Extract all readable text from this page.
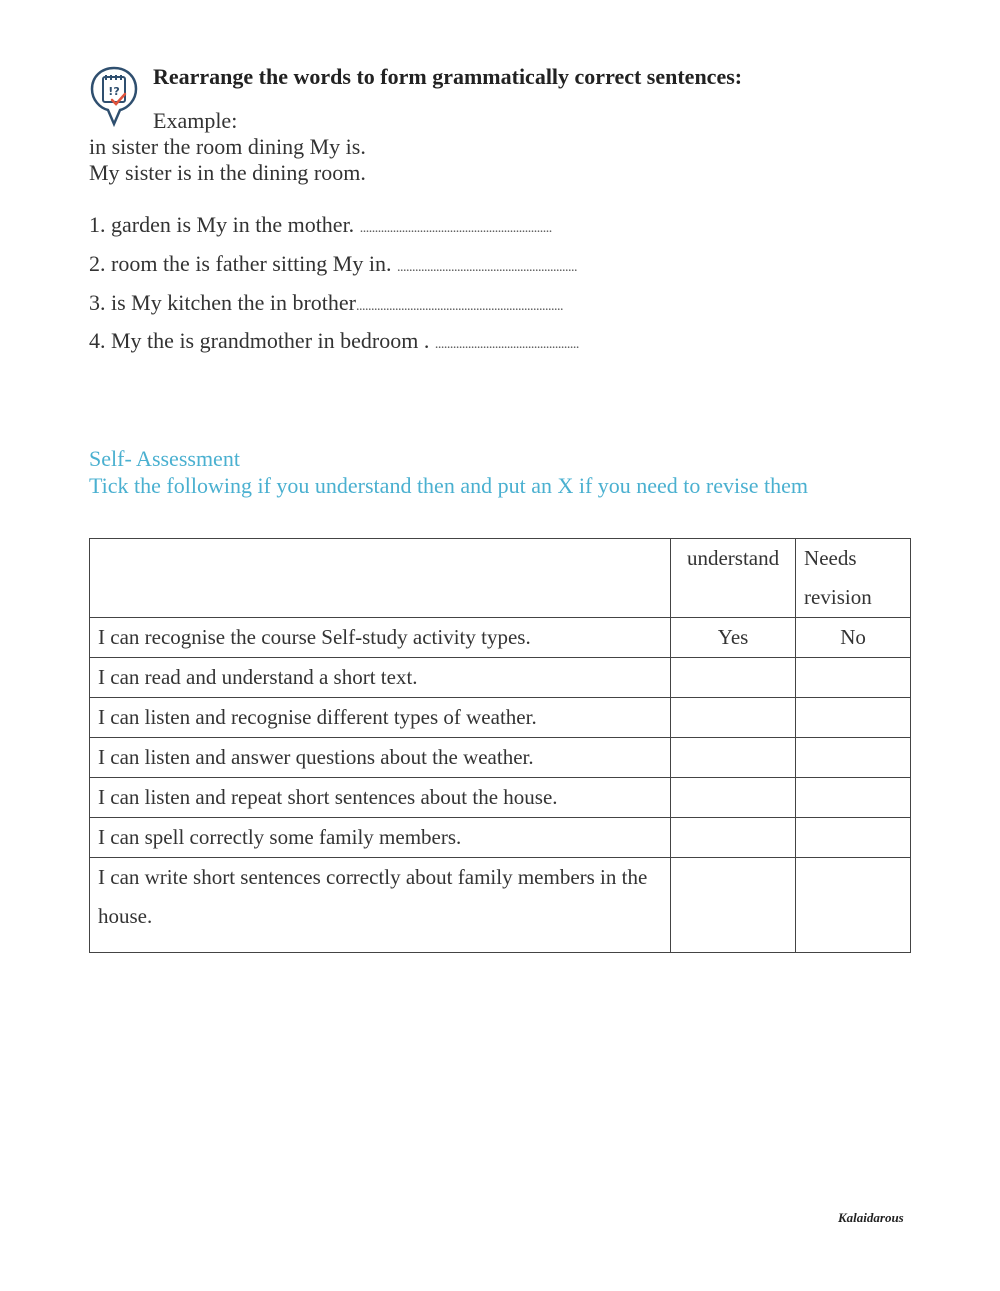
!?
Rearrange the words to form grammatically correct sentences:
Example:
in sister the room dining My is.
My sister is in the dining room.
1. garden is My in the mother. ................................................................
2. room the is father sitting My in. ............................................................
3. is My kitchen the in brother.....................................................................
4. My the is grandmother in bedroom . ................................................
Self- Assessment
Tick the following if you understand then and put an X if you need to revise them
	understand	Needs revision
I can recognise the course Self-study activity types.	Yes	No
I can read and understand a short text.		
I can listen and recognise different types of weather.		
I can listen and answer questions about the weather.		
I can listen and repeat short sentences about the house.		
I can spell correctly some family members.		
I can write short sentences correctly about family members in the house.		
Kalaidarous
